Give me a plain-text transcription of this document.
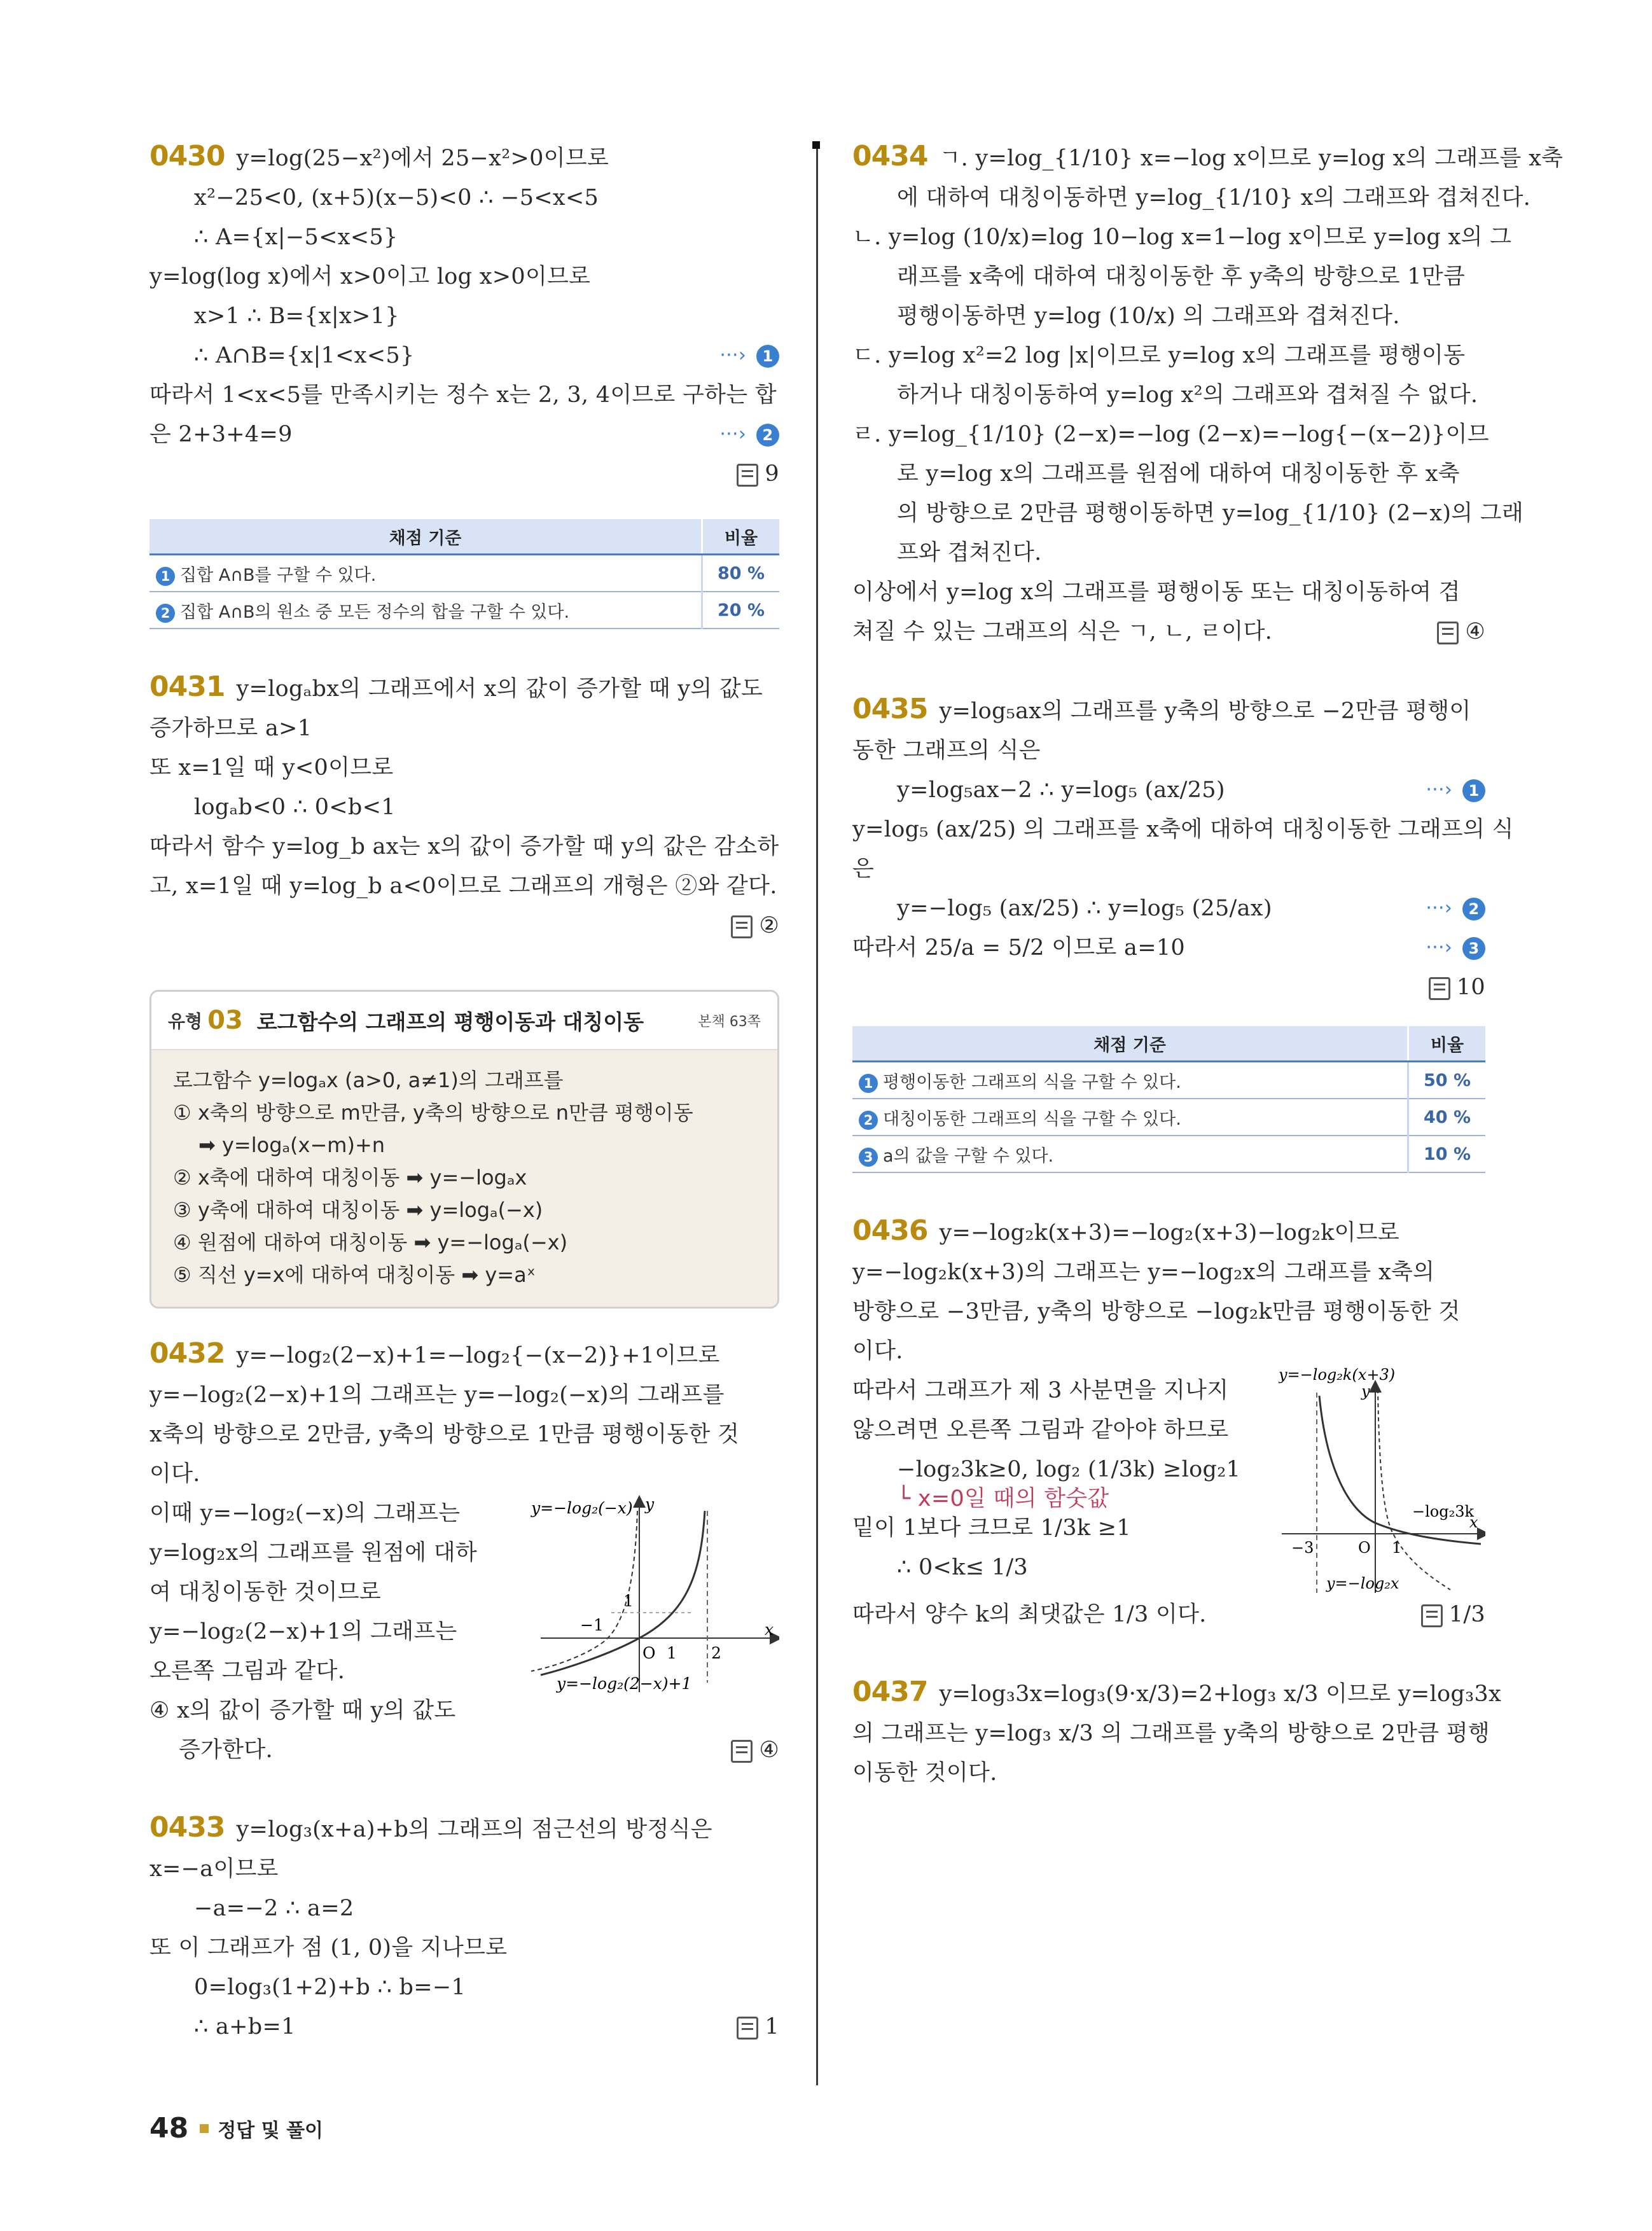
0430 y=log(25−x²)에서 25−x²>0이므로

x²−25<0, (x+5)(x−5)<0 ∴ −5<x<5

∴ A={x|−5<x<5}

y=log(log x)에서 x>0이고 log x>0이므로

x>1 ∴ B={x|x>1}

∴ A∩B={x|1<x<5}	···› 1

따라서 1<x<5를 만족시키는 정수 x는 2, 3, 4이므로 구하는 합

은 2+3+4=9	···› 2

9

채점 기준	비율
1 집합 A∩B를 구할 수 있다.	80 %
2 집합 A∩B의 원소 중 모든 정수의 합을 구할 수 있다.	20 %

0431 y=logₐbx의 그래프에서 x의 값이 증가할 때 y의 값도

증가하므로 a>1

또 x=1일 때 y<0이므로

logₐb<0 ∴ 0<b<1

따라서 함수 y=log_b ax는 x의 값이 증가할 때 y의 값은 감소하

고, x=1일 때 y=log_b a<0이므로 그래프의 개형은 ②와 같다.

②

유형 03 로그함수의 그래프의 평행이동과 대칭이동	본책 63쪽

로그함수 y=logₐx (a>0, a≠1)의 그래프를

① x축의 방향으로 m만큼, y축의 방향으로 n만큼 평행이동

➡ y=logₐ(x−m)+n

② x축에 대하여 대칭이동 ➡ y=−logₐx

③ y축에 대하여 대칭이동 ➡ y=logₐ(−x)

④ 원점에 대하여 대칭이동 ➡ y=−logₐ(−x)

⑤ 직선 y=x에 대하여 대칭이동 ➡ y=aˣ

0432 y=−log₂(2−x)+1=−log₂{−(x−2)}+1이므로

y=−log₂(2−x)+1의 그래프는 y=−log₂(−x)의 그래프를

x축의 방향으로 2만큼, y축의 방향으로 1만큼 평행이동한 것

이다.

이때 y=−log₂(−x)의 그래프는

y=log₂x의 그래프를 원점에 대하

여 대칭이동한 것이므로

y=−log₂(2−x)+1의 그래프는

오른쪽 그림과 같다.

④ x의 값이 증가할 때 y의 값도

증가한다.	④

y=−log₂(−x) y
x
−1
1
O 1 2
y=−log₂(2−x)+1

0433 y=log₃(x+a)+b의 그래프의 점근선의 방정식은

x=−a이므로

−a=−2 ∴ a=2

또 이 그래프가 점 (1, 0)을 지나므로

0=log₃(1+2)+b ∴ b=−1

∴ a+b=1	1

0434 ㄱ. y=log_{1/10} x=−log x이므로 y=log x의 그래프를 x축

에 대하여 대칭이동하면 y=log_{1/10} x의 그래프와 겹쳐진다.

ㄴ. y=log (10/x)=log 10−log x=1−log x이므로 y=log x의 그

래프를 x축에 대하여 대칭이동한 후 y축의 방향으로 1만큼

평행이동하면 y=log (10/x) 의 그래프와 겹쳐진다.

ㄷ. y=log x²=2 log |x|이므로 y=log x의 그래프를 평행이동

하거나 대칭이동하여 y=log x²의 그래프와 겹쳐질 수 없다.

ㄹ. y=log_{1/10} (2−x)=−log (2−x)=−log{−(x−2)}이므

로 y=log x의 그래프를 원점에 대하여 대칭이동한 후 x축

의 방향으로 2만큼 평행이동하면 y=log_{1/10} (2−x)의 그래

프와 겹쳐진다.

이상에서 y=log x의 그래프를 평행이동 또는 대칭이동하여 겹

쳐질 수 있는 그래프의 식은 ㄱ, ㄴ, ㄹ이다.	④

0435 y=log₅ax의 그래프를 y축의 방향으로 −2만큼 평행이

동한 그래프의 식은

y=log₅ax−2 ∴ y=log₅ (ax/25)	···› 1

y=log₅ (ax/25) 의 그래프를 x축에 대하여 대칭이동한 그래프의 식

은

y=−log₅ (ax/25) ∴ y=log₅ (25/ax)	···› 2

따라서 25/a = 5/2 이므로 a=10	···› 3

10

채점 기준	비율
1 평행이동한 그래프의 식을 구할 수 있다.	50 %
2 대칭이동한 그래프의 식을 구할 수 있다.	40 %
3 a의 값을 구할 수 있다.	10 %

0436 y=−log₂k(x+3)=−log₂(x+3)−log₂k이므로

y=−log₂k(x+3)의 그래프는 y=−log₂x의 그래프를 x축의

방향으로 −3만큼, y축의 방향으로 −log₂k만큼 평행이동한 것

이다.

따라서 그래프가 제 3 사분면을 지나지

않으려면 오른쪽 그림과 같아야 하므로

−log₂3k≥0, log₂ (1/3k) ≥log₂1

└ x=0일 때의 함숫값

밑이 1보다 크므로 1/3k ≥1

∴ 0<k≤ 1/3

따라서 양수 k의 최댓값은 1/3 이다.	1/3

y=−log₂k(x+3)
y
x
−log₂3k
−3	O 1
y=−log₂x

0437 y=log₃3x=log₃(9·x/3)=2+log₃ x/3 이므로 y=log₃3x

의 그래프는 y=log₃ x/3 의 그래프를 y축의 방향으로 2만큼 평행

이동한 것이다.

48 정답 및 풀이
